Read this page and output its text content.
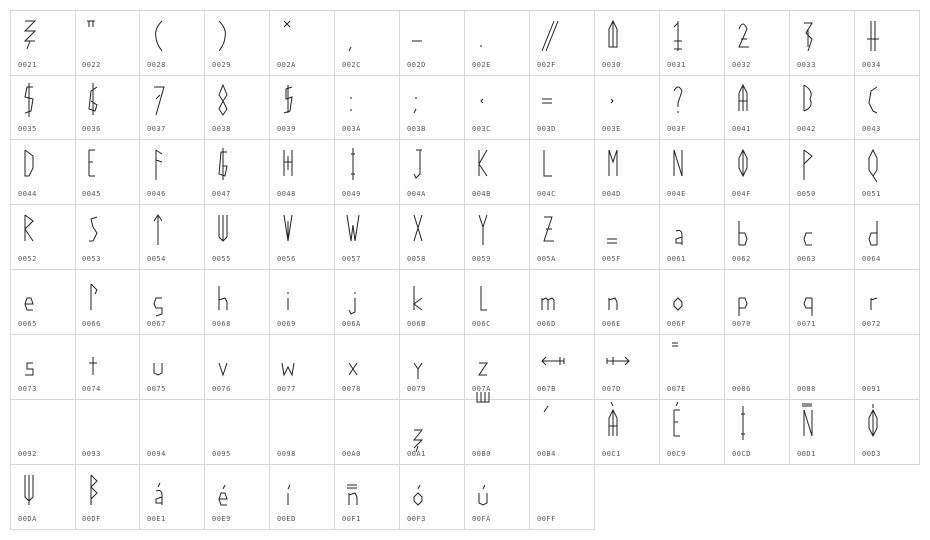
0021	0022	0028	0029	002A	002C	002D	002E	002F	0030	0031	0032	0033	0034
0035	0036	0037	0038	0039	003A	003B	003C	003D	003E	003F	0041	0042	0043
0044	0045	0046	0047	0048	0049	004A	004B	004C	004D	004E	004F	0050	0051
0052	0053	0054	0055	0056	0057	0058	0059	005A	005F	0061	0062	0063	0064
0065	0066	0067	0068	0069	006A	006B	006C	006D	006E	006F	0070	0071	0072
0073	0074	0075	0076	0077	0078	0079	007A	007B	007D	007E	0086	0088	0091
0092	0093	0094	0095	0098	00A0	00A1	00B0	00B4	00C1	00C9	00CD	00D1	00D3
00DA	00DF	00E1	00E9	00ED	00F1	00F3	00FA	00FF
